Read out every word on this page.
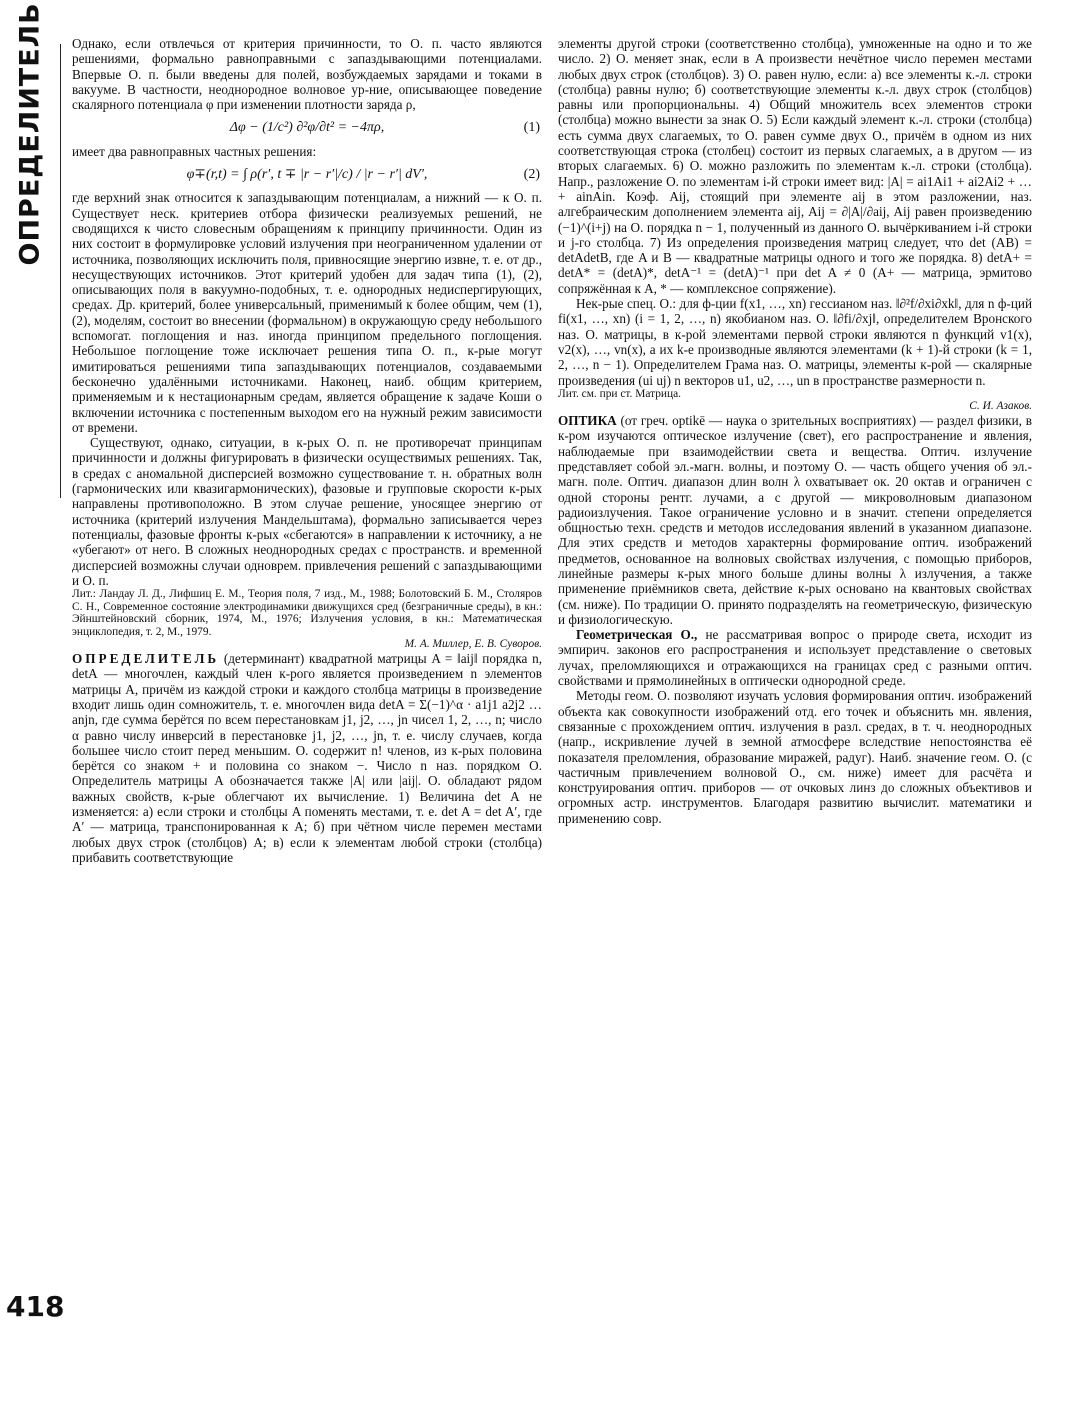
ОПРЕДЕЛИТЕЛЬ
418

Однако, если отвлечься от критерия причинности, то О. п. часто являются решениями, формально равноправными с запаздывающими потенциалами. Впервые О. п. были введены для полей, возбуждаемых зарядами и токами в вакууме. В частности, неоднородное волновое ур-ние, описывающее поведение скалярного потенциала φ при изменении плотности заряда ρ,

Δφ − (1/c²) ∂²φ/∂t² = −4πρ,	(1)

имеет два равноправных частных решения:

φ∓(r,t) = ∫ ρ(r′, t ∓ |r − r′|/c) / |r − r′| dV′,	(2)

где верхний знак относится к запаздывающим потенциалам, а нижний — к О. п. Существует неск. критериев отбора физически реализуемых решений, не сводящихся к чисто словесным обращениям к принципу причинности. Один из них состоит в формулировке условий излучения при неограниченном удалении от источника, позволяющих исключить поля, привносящие энергию извне, т. е. от др., несуществующих источников. Этот критерий удобен для задач типа (1), (2), описывающих поля в вакуумно-подобных, т. е. однородных недиспергирующих, средах. Др. критерий, более универсальный, применимый к более общим, чем (1), (2), моделям, состоит во внесении (формальном) в окружающую среду небольшого вспомогат. поглощения и наз. иногда принципом предельного поглощения. Небольшое поглощение тоже исключает решения типа О. п., к-рые могут имитироваться решениями типа запаздывающих потенциалов, создаваемыми бесконечно удалёнными источниками. Наконец, наиб. общим критерием, применяемым и к нестационарным средам, является обращение к задаче Коши о включении источника с постепенным выходом его на нужный режим зависимости от времени.

Существуют, однако, ситуации, в к-рых О. п. не противоречат принципам причинности и должны фигурировать в физически осуществимых решениях. Так, в средах с аномальной дисперсией возможно существование т. н. обратных волн (гармонических или квазигармонических), фазовые и групповые скорости к-рых направлены противоположно. В этом случае решение, уносящее энергию от источника (критерий излучения Мандельштама), формально записывается через потенциалы, фазовые фронты к-рых «сбегаются» в направлении к источнику, а не «убегают» от него. В сложных неоднородных средах с пространств. и временной дисперсией возможны случаи одноврем. привлечения решений с запаздывающими и О. п.

Лит.: Ландау Л. Д., Лифшиц Е. М., Теория поля, 7 изд., М., 1988; Болотовский Б. М., Столяров С. Н., Современное состояние электродинамики движущихся сред (безграничные среды), в кн.: Эйнштейновский сборник, 1974, М., 1976; Излучения условия, в кн.: Математическая энциклопедия, т. 2, М., 1979.

М. А. Миллер, Е. В. Суворов.

ОПРЕДЕЛИТЕЛЬ (детерминант) квадратной матрицы A = ‖aij‖ порядка n, detA — многочлен, каждый член к-рого является произведением n элементов матрицы A, причём из каждой строки и каждого столбца матрицы в произведение входит лишь один сомножитель, т. е. многочлен вида detA = Σ(−1)^α · a1j1 a2j2 … anjn, где сумма берётся по всем перестановкам j1, j2, …, jn чисел 1, 2, …, n; число α равно числу инверсий в перестановке j1, j2, …, jn, т. е. числу случаев, когда большее число стоит перед меньшим. О. содержит n! членов, из к-рых половина берётся со знаком + и половина со знаком −. Число n наз. порядком О. Определитель матрицы A обозначается также |A| или |aij|. О. обладают рядом важных свойств, к-рые облегчают их вычисление. 1) Величина det A не изменяется: а) если строки и столбцы A поменять местами, т. е. det A = det A′, где A′ — матрица, транспонированная к A; б) при чётном числе перемен местами любых двух строк (столбцов) A; в) если к элементам любой строки (столбца) прибавить соответствующие

элементы другой строки (соответственно столбца), умноженные на одно и то же число. 2) О. меняет знак, если в A произвести нечётное число перемен местами любых двух строк (столбцов). 3) О. равен нулю, если: а) все элементы к.-л. строки (столбца) равны нулю; б) соответствующие элементы к.-л. двух строк (столбцов) равны или пропорциональны. 4) Общий множитель всех элементов строки (столбца) можно вынести за знак О. 5) Если каждый элемент к.-л. строки (столбца) есть сумма двух слагаемых, то О. равен сумме двух О., причём в одном из них соответствующая строка (столбец) состоит из первых слагаемых, а в другом — из вторых слагаемых. 6) О. можно разложить по элементам к.-л. строки (столбца). Напр., разложение О. по элементам i-й строки имеет вид: |A| = ai1Ai1 + ai2Ai2 + … + ainAin. Коэф. Aij, стоящий при элементе aij в этом разложении, наз. алгебраическим дополнением элемента aij, Aij = ∂|A|/∂aij, Aij равен произведению (−1)^(i+j) на О. порядка n − 1, полученный из данного О. вычёркиванием i-й строки и j-го столбца. 7) Из определения произведения матриц следует, что det (AB) = detAdetB, где A и B — квадратные матрицы одного и того же порядка. 8) detA+ = detA* = (detA)*, detA⁻¹ = (detA)⁻¹ при det A ≠ 0 (A+ — матрица, эрмитово сопряжённая к A, * — комплексное сопряжение).

Нек-рые спец. О.: для ф-ции f(x1, …, xn) гессианом наз. ‖∂²f/∂xi∂xk‖, для n ф-ций fi(x1, …, xn) (i = 1, 2, …, n) якобианом наз. О. ‖∂fi/∂xj‖, определителем Вронского наз. О. матрицы, в к-рой элементами первой строки являются n функций v1(x), v2(x), …, vn(x), а их k-е производные являются элементами (k + 1)-й строки (k = 1, 2, …, n − 1). Определителем Грама наз. О. матрицы, элементы к-рой — скалярные произведения (ui uj) n векторов u1, u2, …, un в пространстве размерности n.

Лит. см. при ст. Матрица.

С. И. Азаков.

ОПТИКА (от греч. optikē — наука о зрительных восприятиях) — раздел физики, в к-ром изучаются оптическое излучение (свет), его распространение и явления, наблюдаемые при взаимодействии света и вещества. Оптич. излучение представляет собой эл.-магн. волны, и поэтому О. — часть общего учения об эл.-магн. поле. Оптич. диапазон длин волн λ охватывает ок. 20 октав и ограничен с одной стороны рентг. лучами, а с другой — микроволновым диапазоном радиоизлучения. Такое ограничение условно и в значит. степени определяется общностью техн. средств и методов исследования явлений в указанном диапазоне. Для этих средств и методов характерны формирование оптич. изображений предметов, основанное на волновых свойствах излучения, с помощью приборов, линейные размеры к-рых много больше длины волны λ излучения, а также применение приёмников света, действие к-рых основано на квантовых свойствах (см. ниже). По традиции О. принято подразделять на геометрическую, физическую и физиологическую.

Геометрическая О., не рассматривая вопрос о природе света, исходит из эмпирич. законов его распространения и использует представление о световых лучах, преломляющихся и отражающихся на границах сред с разными оптич. свойствами и прямолинейных в оптически однородной среде.

Методы геом. О. позволяют изучать условия формирования оптич. изображений объекта как совокупности изображений отд. его точек и объяснить мн. явления, связанные с прохождением оптич. излучения в разл. средах, в т. ч. неоднородных (напр., искривление лучей в земной атмосфере вследствие непостоянства её показателя преломления, образование миражей, радуг). Наиб. значение геом. О. (с частичным привлечением волновой О., см. ниже) имеет для расчёта и конструирования оптич. приборов — от очковых линз до сложных объективов и огромных астр. инструментов. Благодаря развитию вычислит. математики и применению совр.
